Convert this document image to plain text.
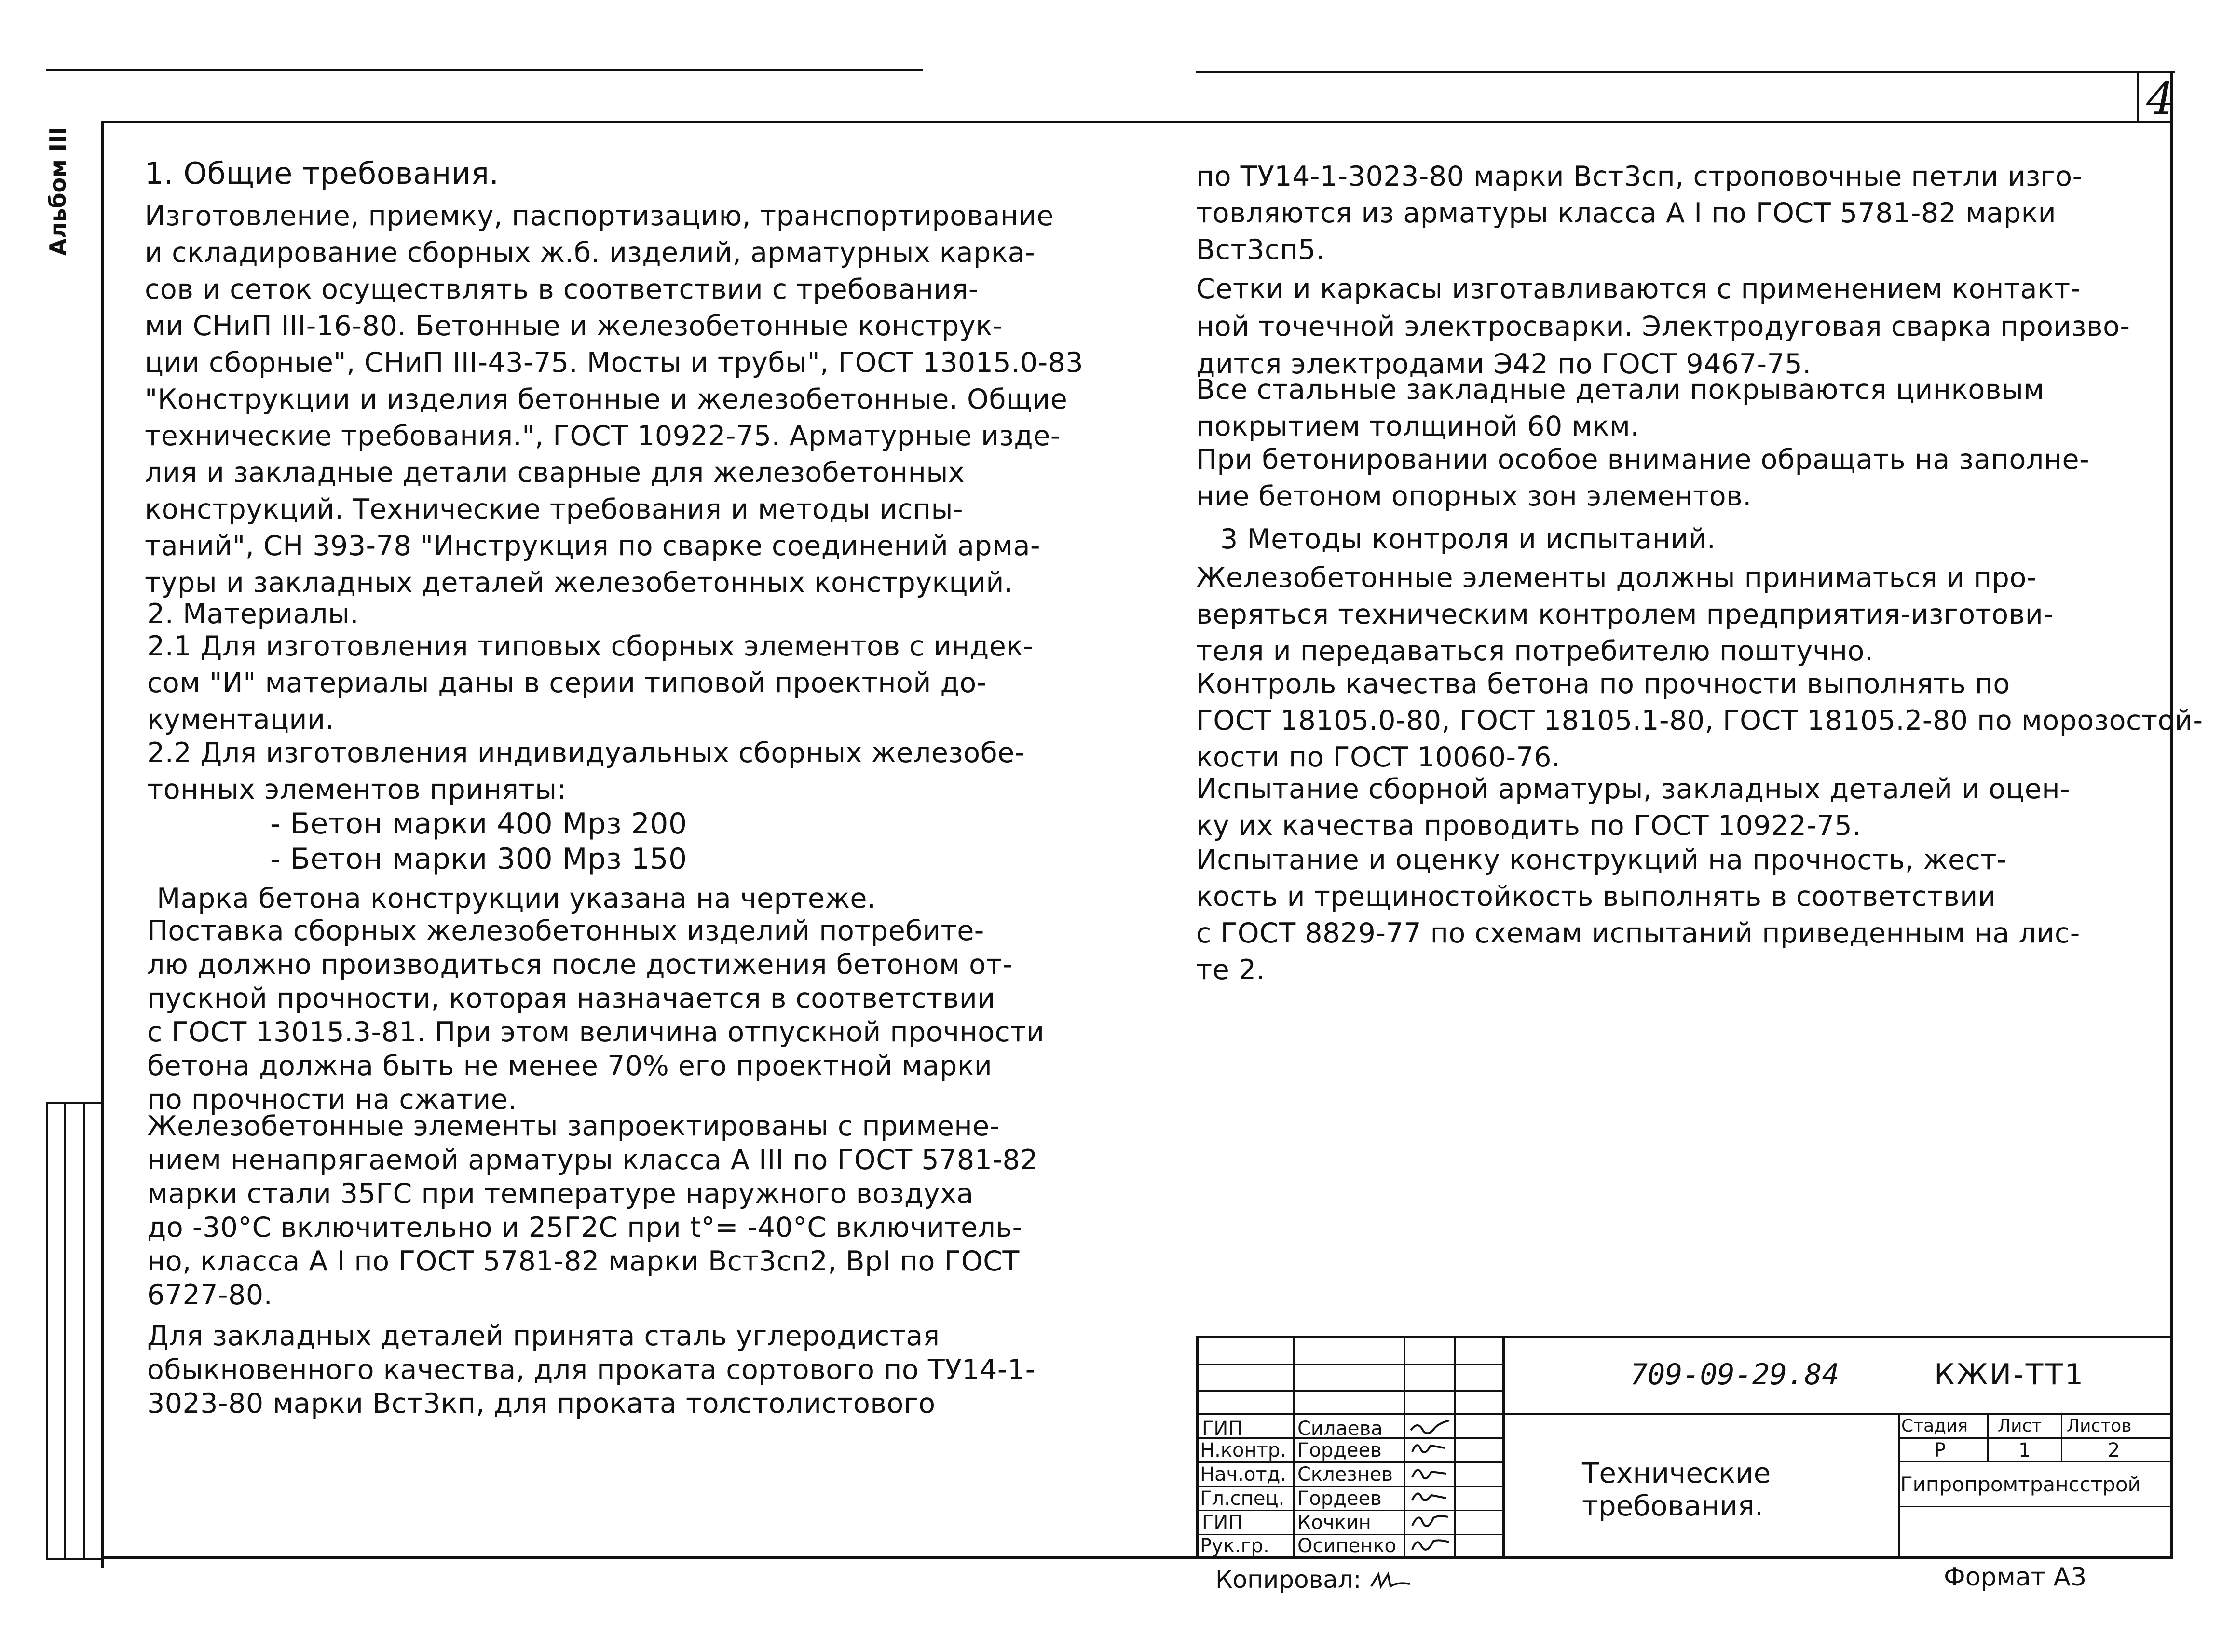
4
Альбом III 1. Общие требования.
Изготовление, приемку, паспортизацию, транспортирование
и складирование сборных ж.б. изделий, арматурных карка-
сов и сеток осуществлять в соответствии с требования-
ми СНиП III-16-80. Бетонные и железобетонные конструк-
ции сборные", СНиП III-43-75. Мосты и трубы", ГОСТ 13015.0-83
"Конструкции и изделия бетонные и железобетонные. Общие
технические требования.", ГОСТ 10922-75. Арматурные изде-
лия и закладные детали сварные для железобетонных
конструкций. Технические требования и методы испы-
таний", СН 393-78 "Инструкция по сварке соединений арма-
туры и закладных деталей железобетонных конструкций.
2. Материалы.
2.1 Для изготовления типовых сборных элементов с индек-
сом "И" материалы даны в серии типовой проектной до-
кументации.
2.2 Для изготовления индивидуальных сборных железобе-
тонных элементов приняты:
- Бетон марки 400 Мрз 200
- Бетон марки 300 Мрз 150
Марка бетона конструкции указана на чертеже.
Поставка сборных железобетонных изделий потребите-
лю должно производиться после достижения бетоном от-
пускной прочности, которая назначается в соответствии
с ГОСТ 13015.3-81. При этом величина отпускной прочности
бетона должна быть не менее 70% его проектной марки
по прочности на сжатие.
Железобетонные элементы запроектированы с применe-
нием ненапрягаемой арматуры класса А III по ГОСТ 5781-82
марки стали 35ГС при температуре наружного воздуха
до -30°С включительно и 25Г2С при t°= -40°С включитель-
но, класса А I по ГОСТ 5781-82 марки Вст3сп2, BpI по ГОСТ
6727-80.
Для закладных деталей принята сталь углеродистая
обыкновенного качества, для проката сортового по ТУ14-1-
3023-80 марки Вст3кп, для проката толстолистового
по ТУ14-1-3023-80 марки Вст3сп, строповочные петли изго-
товляются из арматуры класса А I по ГОСТ 5781-82 марки
Вст3сп5.
Сетки и каркасы изготавливаются с применением контакт-
ной точечной электросварки. Электродуговая сварка произво-
дится электродами Э42 по ГОСТ 9467-75.
Все стальные закладные детали покрываются цинковым
покрытием толщиной 60 мкм.
При бетонировании особое внимание обращать на заполне-
ние бетоном опорных зон элементов.
3 Методы контроля и испытаний.
Железобетонные элементы должны приниматься и про-
веряться техническим контролем предприятия-изготови-
теля и передаваться потребителю поштучно.
Контроль качества бетона по прочности выполнять по
ГОСТ 18105.0-80, ГОСТ 18105.1-80, ГОСТ 18105.2-80 по морозостой-
кости по ГОСТ 10060-76.
Испытание сборной арматуры, закладных деталей и оцен-
ку их качества проводить по ГОСТ 10922-75.
Испытание и оценку конструкций на прочность, жест-
кость и трещиностойкость выполнять в соответствии
с ГОСТ 8829-77 по схемам испытаний приведенным на лис-
те 2.
ГИП	Силаева
Н.контр. Гордеев
Нач.отд. Склезнев
Гл.спец. Гордеев
ГИП	Кочкин
Рук.гр. Осипенко
709-09-29.84	КЖИ-ТТ1
Технические
требования.
Стадия Лист Листов
Р	1	2
Гипропромтрансстрой
Копировал:	Формат А3
